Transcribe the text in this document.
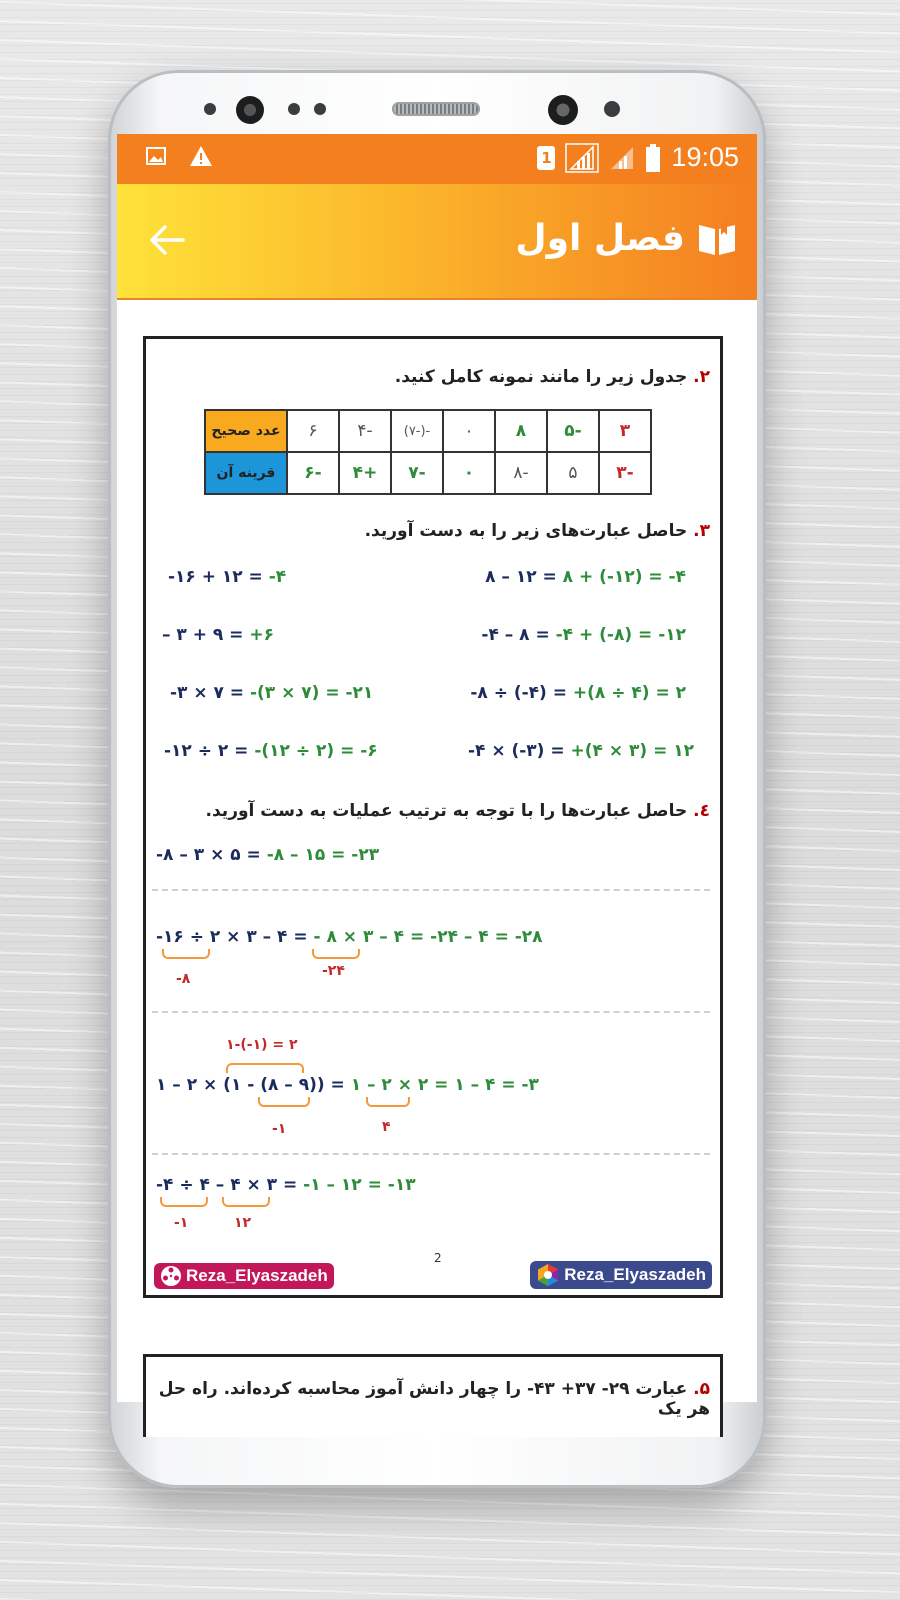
1	19:05
فصل اول
۲. جدول زیر را مانند نمونه کامل کنید.
۳	-۵	۸	۰	-(-۷)	-۴	۶	عدد صحیح
-۳	۵	-۸	۰	-۷	+۴	-۶	قرینه آن
۳. حاصل عبارت‌های زیر را به دست آورید.
۸ – ۱۲ = ۸ + (-۱۲) = -۴
-۱۶ + ۱۲ = -۴
-۴ – ۸ = -۴ + (-۸) = -۱۲
– ۳ + ۹ = +۶
-۸ ÷ (-۴) = +(۸ ÷ ۴) = ۲
-۳ × ۷ = -(۳ × ۷) = -۲۱
-۴ × (-۳) = +(۴ × ۳) = ۱۲
-۱۲ ÷ ۲ = -(۱۲ ÷ ۲) = -۶
٤. حاصل عبارت‌ها را با توجه به ترتیب عملیات به دست آورید.
-۸ – ۳ × ۵ = -۸ – ۱۵ = -۲۳
-۱۶ ÷ ۲ × ۳ – ۴ = - ۸ × ۳ – ۴ = -۲۴ – ۴ = -۲۸
-۸	-۲۴
۱-(-۱) = ۲
۱ – ۲ × (۱ - (۸ – ۹)) = ۱ – ۲ × ۲ = ۱ – ۴ = -۳
-۱	۴
-۴ ÷ ۴ – ۴ × ۳ = -۱ – ۱۲ = -۱۳
-۱	۱۲
Reza_Elyaszadeh
2
Reza_Elyaszadeh
۵. عبارت ۲۹- ۳۷+ ۴۳- را چهار دانش آموز محاسبه کرده‌اند. راه حل هر یک
